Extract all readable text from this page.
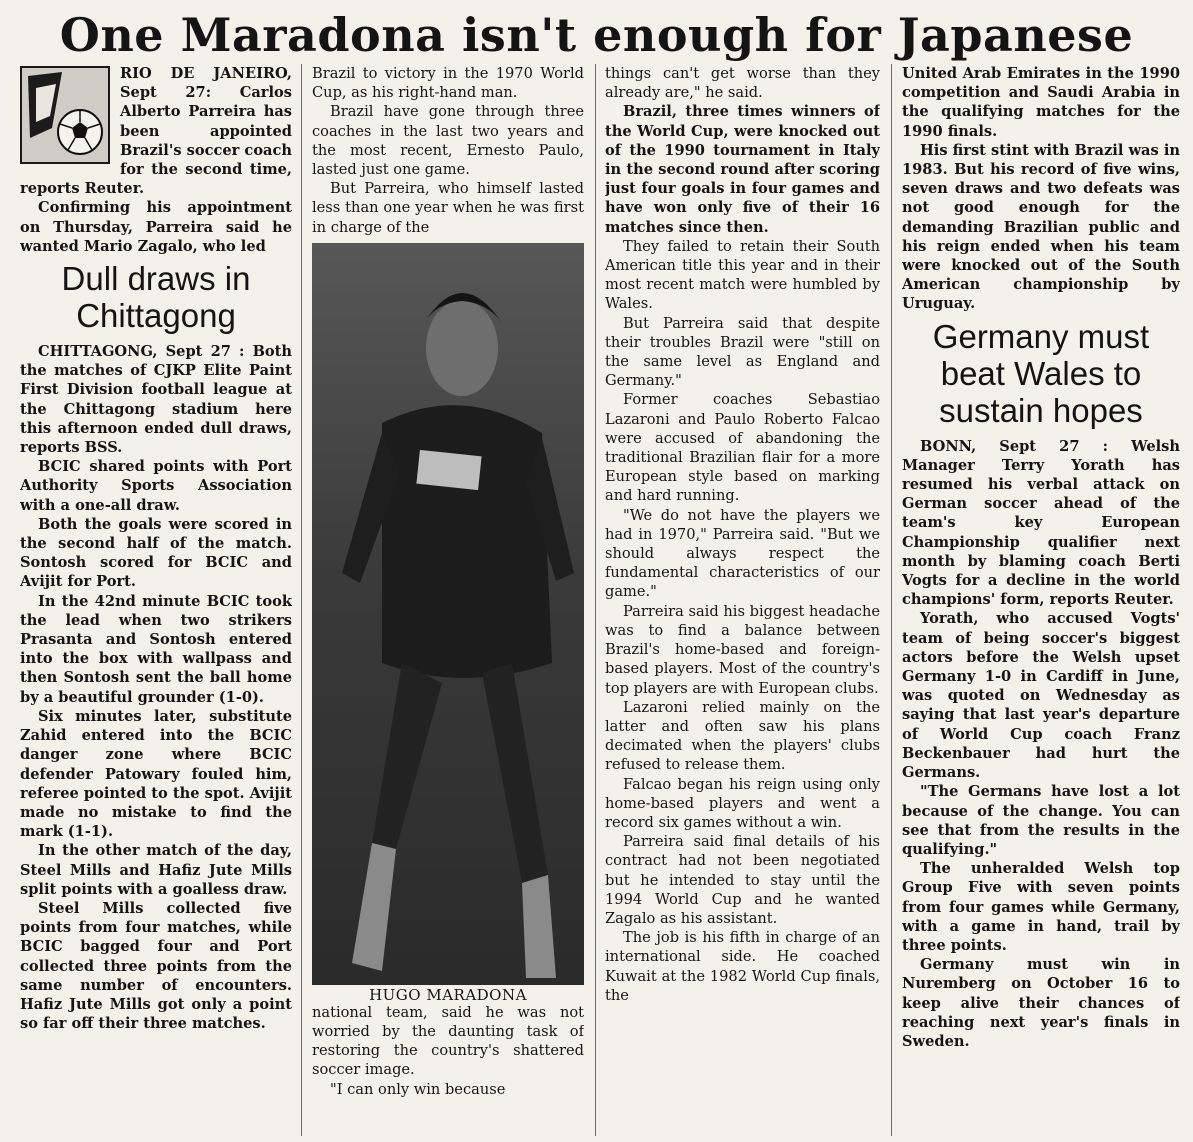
One Maradona isn't enough for Japanese

RIO DE JANEIRO, Sept 27: Carlos Alberto Parreira has been appointed Brazil's soccer coach for the second time, reports Reuter.

Confirming his appointment on Thursday, Parreira said he wanted Mario Zagalo, who led

Dull draws in Chittagong

CHITTAGONG, Sept 27 : Both the matches of CJKP Elite Paint First Division football league at the Chittagong stadium here this afternoon ended dull draws, reports BSS.

BCIC shared points with Port Authority Sports Association with a one-all draw.

Both the goals were scored in the second half of the match. Sontosh scored for BCIC and Avijit for Port.

In the 42nd minute BCIC took the lead when two strikers Prasanta and Sontosh entered into the box with wallpass and then Sontosh sent the ball home by a beautiful grounder (1-0).

Six minutes later, substitute Zahid entered into the BCIC danger zone where BCIC defender Patowary fouled him, referee pointed to the spot. Avijit made no mistake to find the mark (1-1).

In the other match of the day, Steel Mills and Hafiz Jute Mills split points with a goalless draw.

Steel Mills collected five points from four matches, while BCIC bagged four and Port collected three points from the same number of encounters. Hafiz Jute Mills got only a point so far off their three matches.

Brazil to victory in the 1970 World Cup, as his right-hand man.

Brazil have gone through three coaches in the last two years and the most recent, Ernesto Paulo, lasted just one game.

But Parreira, who himself lasted less than one year when he was first in charge of the

HUGO MARADONA

national team, said he was not worried by the daunting task of restoring the country's shattered soccer image.

"I can only win because

things can't get worse than they already are," he said.

Brazil, three times winners of the World Cup, were knocked out of the 1990 tournament in Italy in the second round after scoring just four goals in four games and have won only five of their 16 matches since then.

They failed to retain their South American title this year and in their most recent match were humbled by Wales.

But Parreira said that despite their troubles Brazil were "still on the same level as England and Germany."

Former coaches Sebastiao Lazaroni and Paulo Roberto Falcao were accused of abandoning the traditional Brazilian flair for a more European style based on marking and hard running.

"We do not have the players we had in 1970," Parreira said. "But we should always respect the fundamental characteristics of our game."

Parreira said his biggest headache was to find a balance between Brazil's home-based and foreign-based players. Most of the country's top players are with European clubs.

Lazaroni relied mainly on the latter and often saw his plans decimated when the players' clubs refused to release them.

Falcao began his reign using only home-based players and went a record six games without a win.

Parreira said final details of his contract had not been negotiated but he intended to stay until the 1994 World Cup and he wanted Zagalo as his assistant.

The job is his fifth in charge of an international side. He coached Kuwait at the 1982 World Cup finals, the

United Arab Emirates in the 1990 competition and Saudi Arabia in the qualifying matches for the 1990 finals.

His first stint with Brazil was in 1983. But his record of five wins, seven draws and two defeats was not good enough for the demanding Brazilian public and his reign ended when his team were knocked out of the South American championship by Uruguay.

Germany must beat Wales to sustain hopes

BONN, Sept 27 : Welsh Manager Terry Yorath has resumed his verbal attack on German soccer ahead of the team's key European Championship qualifier next month by blaming coach Berti Vogts for a decline in the world champions' form, reports Reuter.

Yorath, who accused Vogts' team of being soccer's biggest actors before the Welsh upset Germany 1-0 in Cardiff in June, was quoted on Wednesday as saying that last year's departure of World Cup coach Franz Beckenbauer had hurt the Germans.

"The Germans have lost a lot because of the change. You can see that from the results in the qualifying."

The unheralded Welsh top Group Five with seven points from four games while Germany, with a game in hand, trail by three points.

Germany must win in Nuremberg on October 16 to keep alive their chances of reaching next year's finals in Sweden.
